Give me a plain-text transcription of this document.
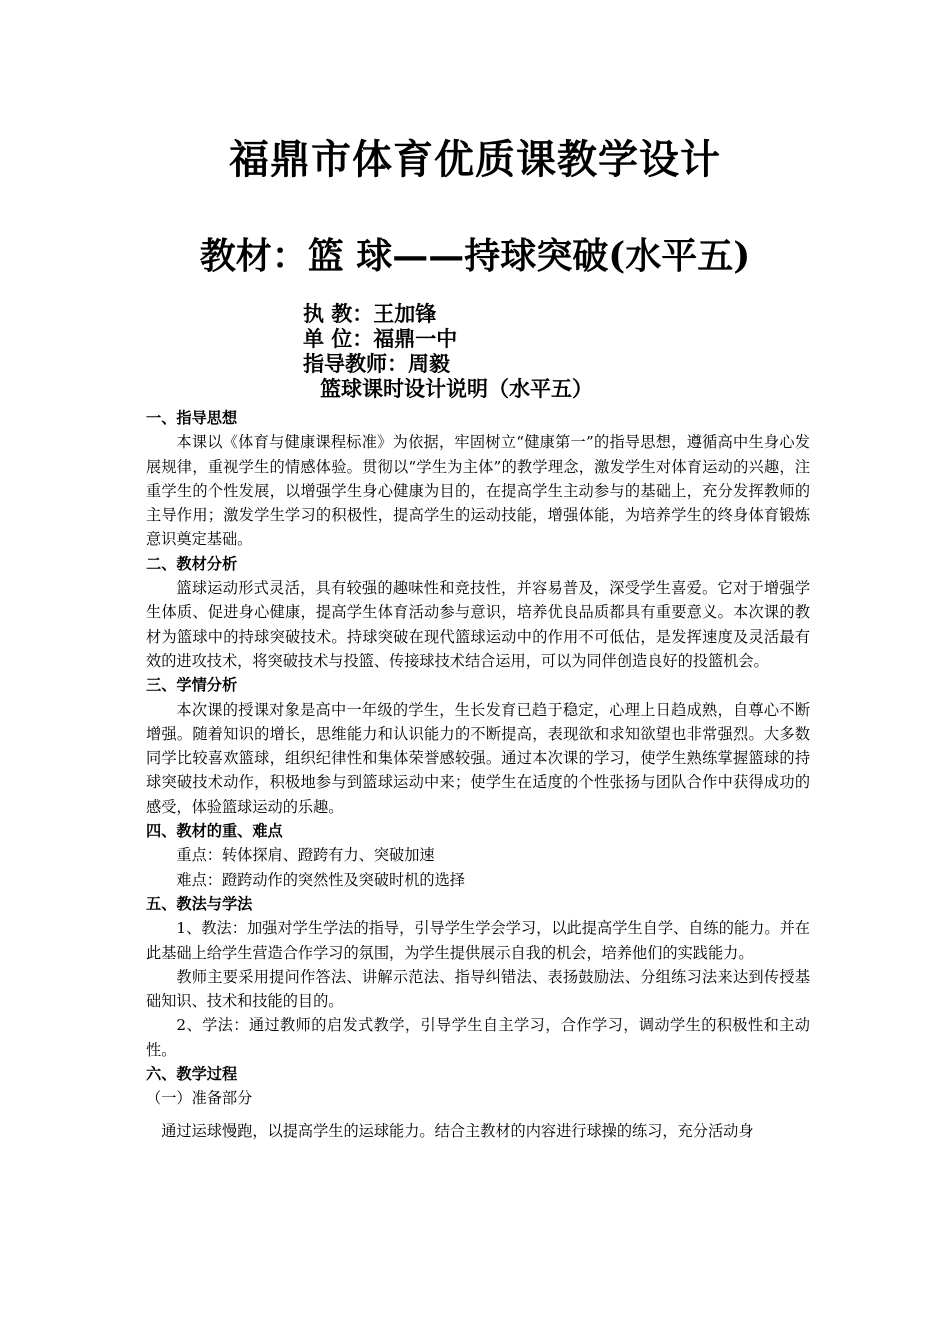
福鼎市体育优质课教学设计
教材：篮 球——持球突破(水平五)
执 教：王加锋
单 位：福鼎一中
指导教师：周毅
篮球课时设计说明（水平五）

一、指导思想

本课以《体育与健康课程标准》为依据，牢固树立“健康第一”的指导思想，遵循高中生身心发展规律，重视学生的情感体验。贯彻以“学生为主体”的教学理念，激发学生对体育运动的兴趣，注重学生的个性发展，以增强学生身心健康为目的，在提高学生主动参与的基础上，充分发挥教师的主导作用；激发学生学习的积极性，提高学生的运动技能，增强体能，为培养学生的终身体育锻炼意识奠定基础。

二、教材分析

篮球运动形式灵活，具有较强的趣味性和竞技性，并容易普及，深受学生喜爱。它对于增强学生体质、促进身心健康，提高学生体育活动参与意识，培养优良品质都具有重要意义。本次课的教材为篮球中的持球突破技术。持球突破在现代篮球运动中的作用不可低估，是发挥速度及灵活最有效的进攻技术，将突破技术与投篮、传接球技术结合运用，可以为同伴创造良好的投篮机会。

三、学情分析

本次课的授课对象是高中一年级的学生，生长发育已趋于稳定，心理上日趋成熟，自尊心不断增强。随着知识的增长，思维能力和认识能力的不断提高，表现欲和求知欲望也非常强烈。大多数同学比较喜欢篮球，组织纪律性和集体荣誉感较强。通过本次课的学习，使学生熟练掌握篮球的持球突破技术动作，积极地参与到篮球运动中来；使学生在适度的个性张扬与团队合作中获得成功的感受，体验篮球运动的乐趣。

四、教材的重、难点

重点：转体探肩、蹬跨有力、突破加速

难点：蹬跨动作的突然性及突破时机的选择

五、教法与学法

1、教法：加强对学生学法的指导，引导学生学会学习，以此提高学生自学、自练的能力。并在此基础上给学生营造合作学习的氛围，为学生提供展示自我的机会，培养他们的实践能力。

教师主要采用提问作答法、讲解示范法、指导纠错法、表扬鼓励法、分组练习法来达到传授基础知识、技术和技能的目的。

2、学法：通过教师的启发式教学，引导学生自主学习，合作学习，调动学生的积极性和主动性。

六、教学过程

（一）准备部分

通过运球慢跑，以提高学生的运球能力。结合主教材的内容进行球操的练习，充分活动身
